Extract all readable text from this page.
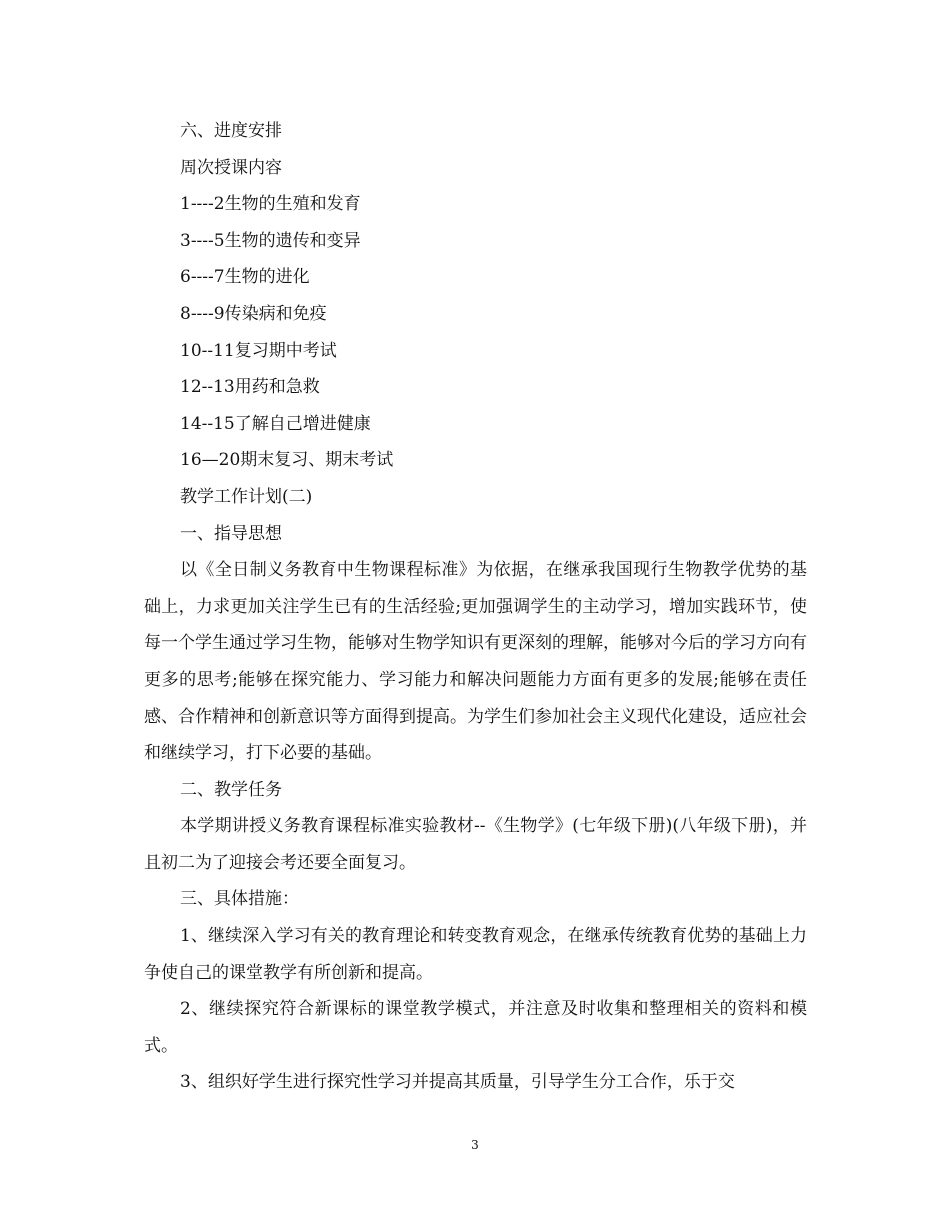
六、进度安排
周次授课内容
1----2生物的生殖和发育
3----5生物的遗传和变异
6----7生物的进化
8----9传染病和免疫
10--11复习期中考试
12--13用药和急救
14--15了解自己增进健康
16—20期末复习、期末考试
教学工作计划(二)
一、指导思想

以《全日制义务教育中生物课程标准》为依据，在继承我国现行生物教学优势的基础上，力求更加关注学生已有的生活经验;更加强调学生的主动学习，增加实践环节，使每一个学生通过学习生物，能够对生物学知识有更深刻的理解，能够对今后的学习方向有更多的思考;能够在探究能力、学习能力和解决问题能力方面有更多的发展;能够在责任感、合作精神和创新意识等方面得到提高。为学生们参加社会主义现代化建设，适应社会和继续学习，打下必要的基础。

二、教学任务

本学期讲授义务教育课程标准实验教材--《生物学》(七年级下册)(八年级下册)，并且初二为了迎接会考还要全面复习。

三、具体措施：

1、继续深入学习有关的教育理论和转变教育观念，在继承传统教育优势的基础上力争使自己的课堂教学有所创新和提高。

2、继续探究符合新课标的课堂教学模式，并注意及时收集和整理相关的资料和模式。

3、组织好学生进行探究性学习并提高其质量，引导学生分工合作，乐于交

3
